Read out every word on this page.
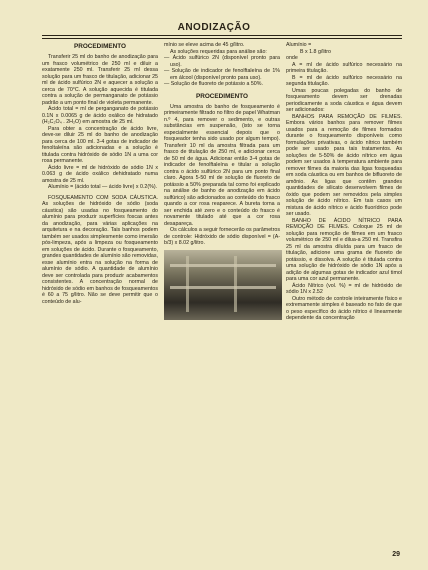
ANODIZAÇÃO
PROCEDIMENTO

Transferir 25 ml do banho de anodização para um frasco volumétrico de 250 ml e diluir a exatamente 250 ml. Transferir 25 ml dessa solução para um frasco de titulação, adicionar 25 ml de ácido sulfúrico 2N e aquecer a solução a cerca de 70°C. A solução aquecida é titulada contra a solução de permanganato de potássio padrão a um ponto final de violeta permanente.

Ácido total = ml de perganganato de potássio 0.1N x 0.0065 g de ácido oxálico de hidratado (H₂C₂O₄ . 2H₂O) em amostra de 25 ml.

Para obter a concentração de ácido livre, deve-se diluir 25 ml do banho de anodização para cerca de 100 ml. 3-4 gotas de indicador de fenoltaleína são adicionadas e a solução é titulada contra hidróxido de sódio 1N a uma cor rosa permanente.

Ácido livre = ml de hidróxido de sódio 1N x 0.063 g de ácido oxálico dehidratado numa amostra de 25 ml.

Alumínio = (ácido total — ácido livre) x 0.2(%).

FOSQUEAMENTO COM SODA CÁUSTICA. As soluções de hidróxido de sódio (soda cáustica) são usadas no fosqueamento do alumínio para produzir superfícies foscas antes da anodização, para várias aplicações na arquitetura e na decoração. Tais banhos podem também ser usados simplesmente como imersão pós-limpeza, após a limpeza ou fosqueamento em soluções de ácido. Durante o fosqueamento, grandes quantidades de alumínio são removidas, esse alumínio entra na solução na forma de alumínio de sódio. A quantidade de alumínio deve ser controlada para produzir acabamentos consistentes. A concentração normal de hidróxido de sódio em banhos de fosqueamentos é 60 a 75 g/litro. Não se deve permitir que o conteúdo de alu-

mínio se eleve acima de 45 g/litro.

As soluções requeridas para análise são:

— Ácido sulfúrico 2N (disponível pronto para uso).

— Solução de indicador de fenolftaleína de 1% em álcool (disponível pronto para uso).

— Solução de fluoreto de potássio a 50%.

PROCEDIMENTO

Uma amostra do banho de fosqueamento é primeiramente filtrado no filtro de papel Whatman n.º 4, para remover o sedimento, e outras substâncias em suspensão, (isto se torna especialmente essencial depois que o fosqueador tenha sido usado por algum tempo). Transferir 10 ml da amostra filtrada para um frasco de titulação de 250 ml, e adicionar cerca de 50 ml de água. Adicionar então 3-4 gotas de indicador de fenolftaleína e titular a solução contra o ácido sulfúrico 2N para um ponto final claro. Agora 5-50 ml de solução de fluoreto de potássio a 50% preparada tal como foi explicado na análise de banho de anodização em ácido sulfúrico) são adicionados ao conteúdo do frasco quando a cor rosa reaparece. A bureta torna a ser enchida até zero e o conteúdo do frasco é novamente titulado até que a cor rosa desapareça.

Os cálculos a seguir fornecerão os parâmetros de controle: Hidróxido de sódio disponível = (A- b/3) x 8.02 g/litro.

Alumínio =

B x 1.8 g/litro

onde

A = ml de ácido sulfúrico necessário na primeira titulação.

B = ml de ácido sulfúrico necessário na segunda titulação.

Umas poucas polegadas do banho de fosqueamento devem ser drenadas periodicamente a soda cáustica e água devem ser adicionados:

BANHOS PARA REMOÇÃO DE FILMES. Embora vários banhos para remover filmes usados para a remoção de filmes formados durante o fosqueamento disponíveis como formulações privativas, o ácido nítrico também pode ser usado para tais tratamentos. As soluções de 5-50% de ácido nítrico em água podem ser usados à temperatura ambiente para remover filmes da maioria das ligas fosqueadas em soda cáustica ou em banhos de bifluoreto de amônio. As ligas que contêm grandes quantidades de silicato desenvolvem filmes de óxido que podem ser removidos pela simples solução de ácido nítrico. Em tais casos um mistura de ácido nítrico e ácido fluorídrico pode ser usado.

BANHO DE ÁCIDO NÍTRICO PARA REMOÇÃO DE FILMES. Coloque 25 ml de solução para remoção de filmes em um frasco volumétrico de 250 ml e dilua-a 250 ml. Transfira 25 ml da amostra diluída para um frasco de titulação, adicione uma grama de fluoreto de potássio, e dissolva. A solução é titulada contra uma solução de hidróxido de sódio 1N após a adição de algumas gotas de indicador azul timol para uma cor azul permanente.

Ácido Nítrico (vol. %) = ml de hidróxido de sódio 1N x 2.52

Outro método de controle inteiramente físico e extremamente simples é baseado no fato de que o peso específico do ácido nítrico é linearmente dependente da concentração

29
